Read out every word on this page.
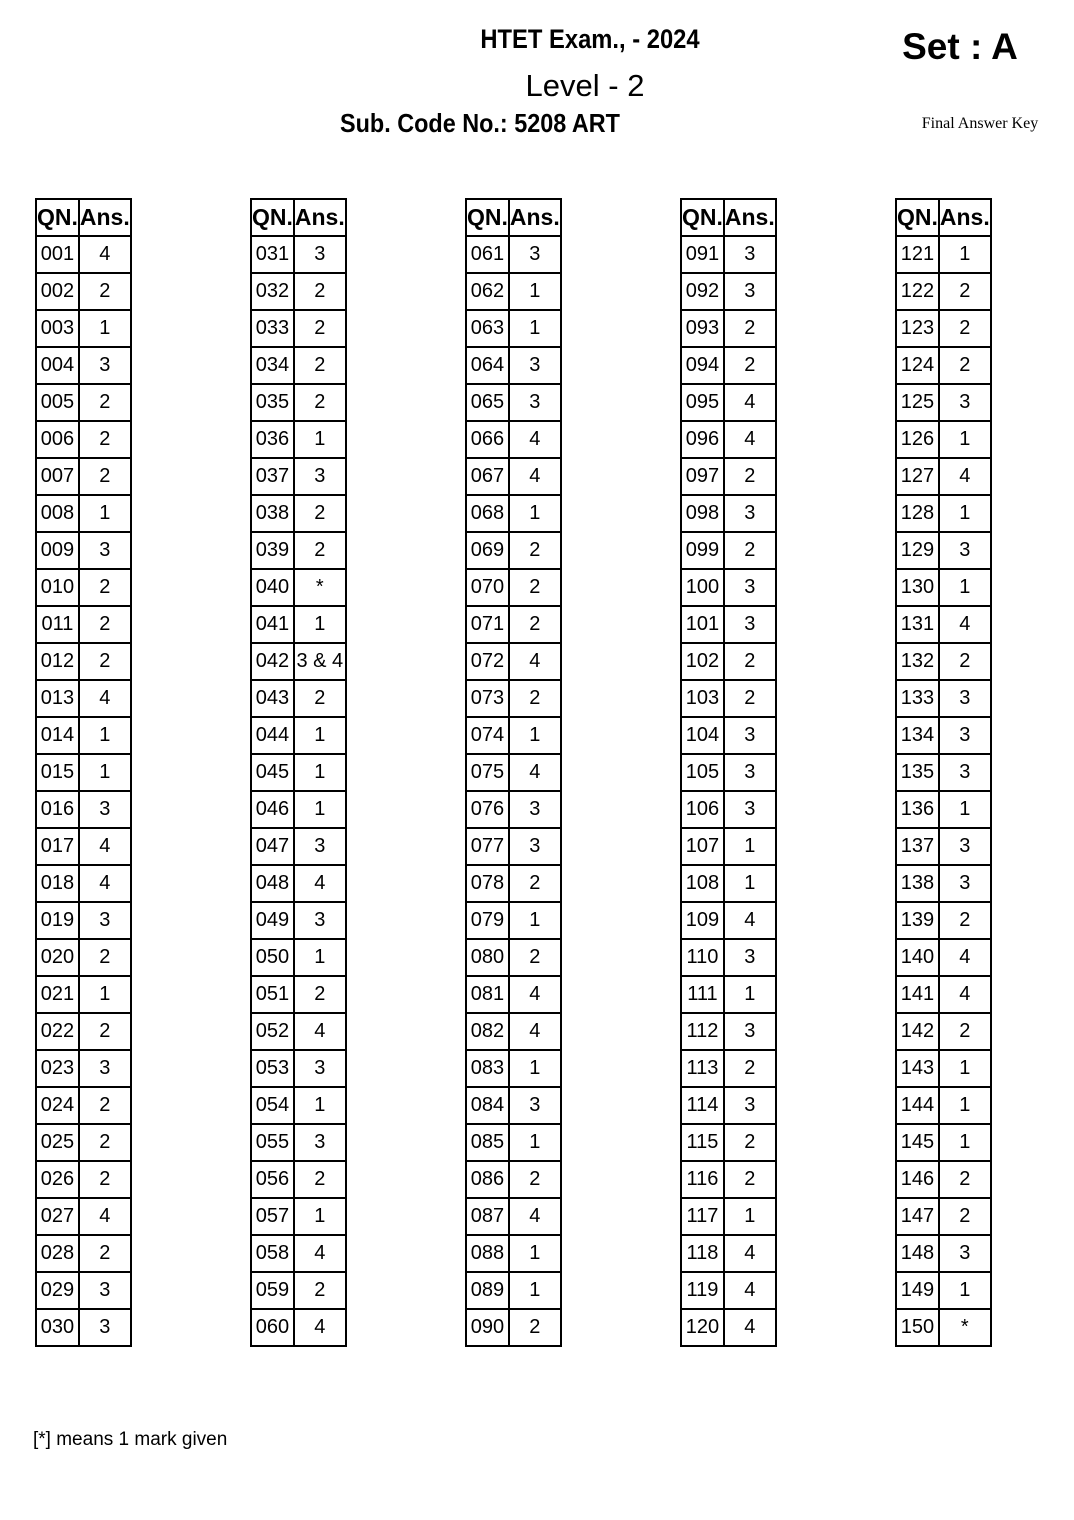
HTET Exam., - 2024
Level - 2
Sub. Code No.: 5208 ART
Set : A
Final Answer Key
QN.	Ans.
001	4
002	2
003	1
004	3
005	2
006	2
007	2
008	1
009	3
010	2
011	2
012	2
013	4
014	1
015	1
016	3
017	4
018	4
019	3
020	2
021	1
022	2
023	3
024	2
025	2
026	2
027	4
028	2
029	3
030	3
QN.	Ans.
031	3
032	2
033	2
034	2
035	2
036	1
037	3
038	2
039	2
040	*
041	1
042	3 & 4
043	2
044	1
045	1
046	1
047	3
048	4
049	3
050	1
051	2
052	4
053	3
054	1
055	3
056	2
057	1
058	4
059	2
060	4
QN.	Ans.
061	3
062	1
063	1
064	3
065	3
066	4
067	4
068	1
069	2
070	2
071	2
072	4
073	2
074	1
075	4
076	3
077	3
078	2
079	1
080	2
081	4
082	4
083	1
084	3
085	1
086	2
087	4
088	1
089	1
090	2
QN.	Ans.
091	3
092	3
093	2
094	2
095	4
096	4
097	2
098	3
099	2
100	3
101	3
102	2
103	2
104	3
105	3
106	3
107	1
108	1
109	4
110	3
111	1
112	3
113	2
114	3
115	2
116	2
117	1
118	4
119	4
120	4
QN.	Ans.
121	1
122	2
123	2
124	2
125	3
126	1
127	4
128	1
129	3
130	1
131	4
132	2
133	3
134	3
135	3
136	1
137	3
138	3
139	2
140	4
141	4
142	2
143	1
144	1
145	1
146	2
147	2
148	3
149	1
150	*
[*] means 1 mark given
